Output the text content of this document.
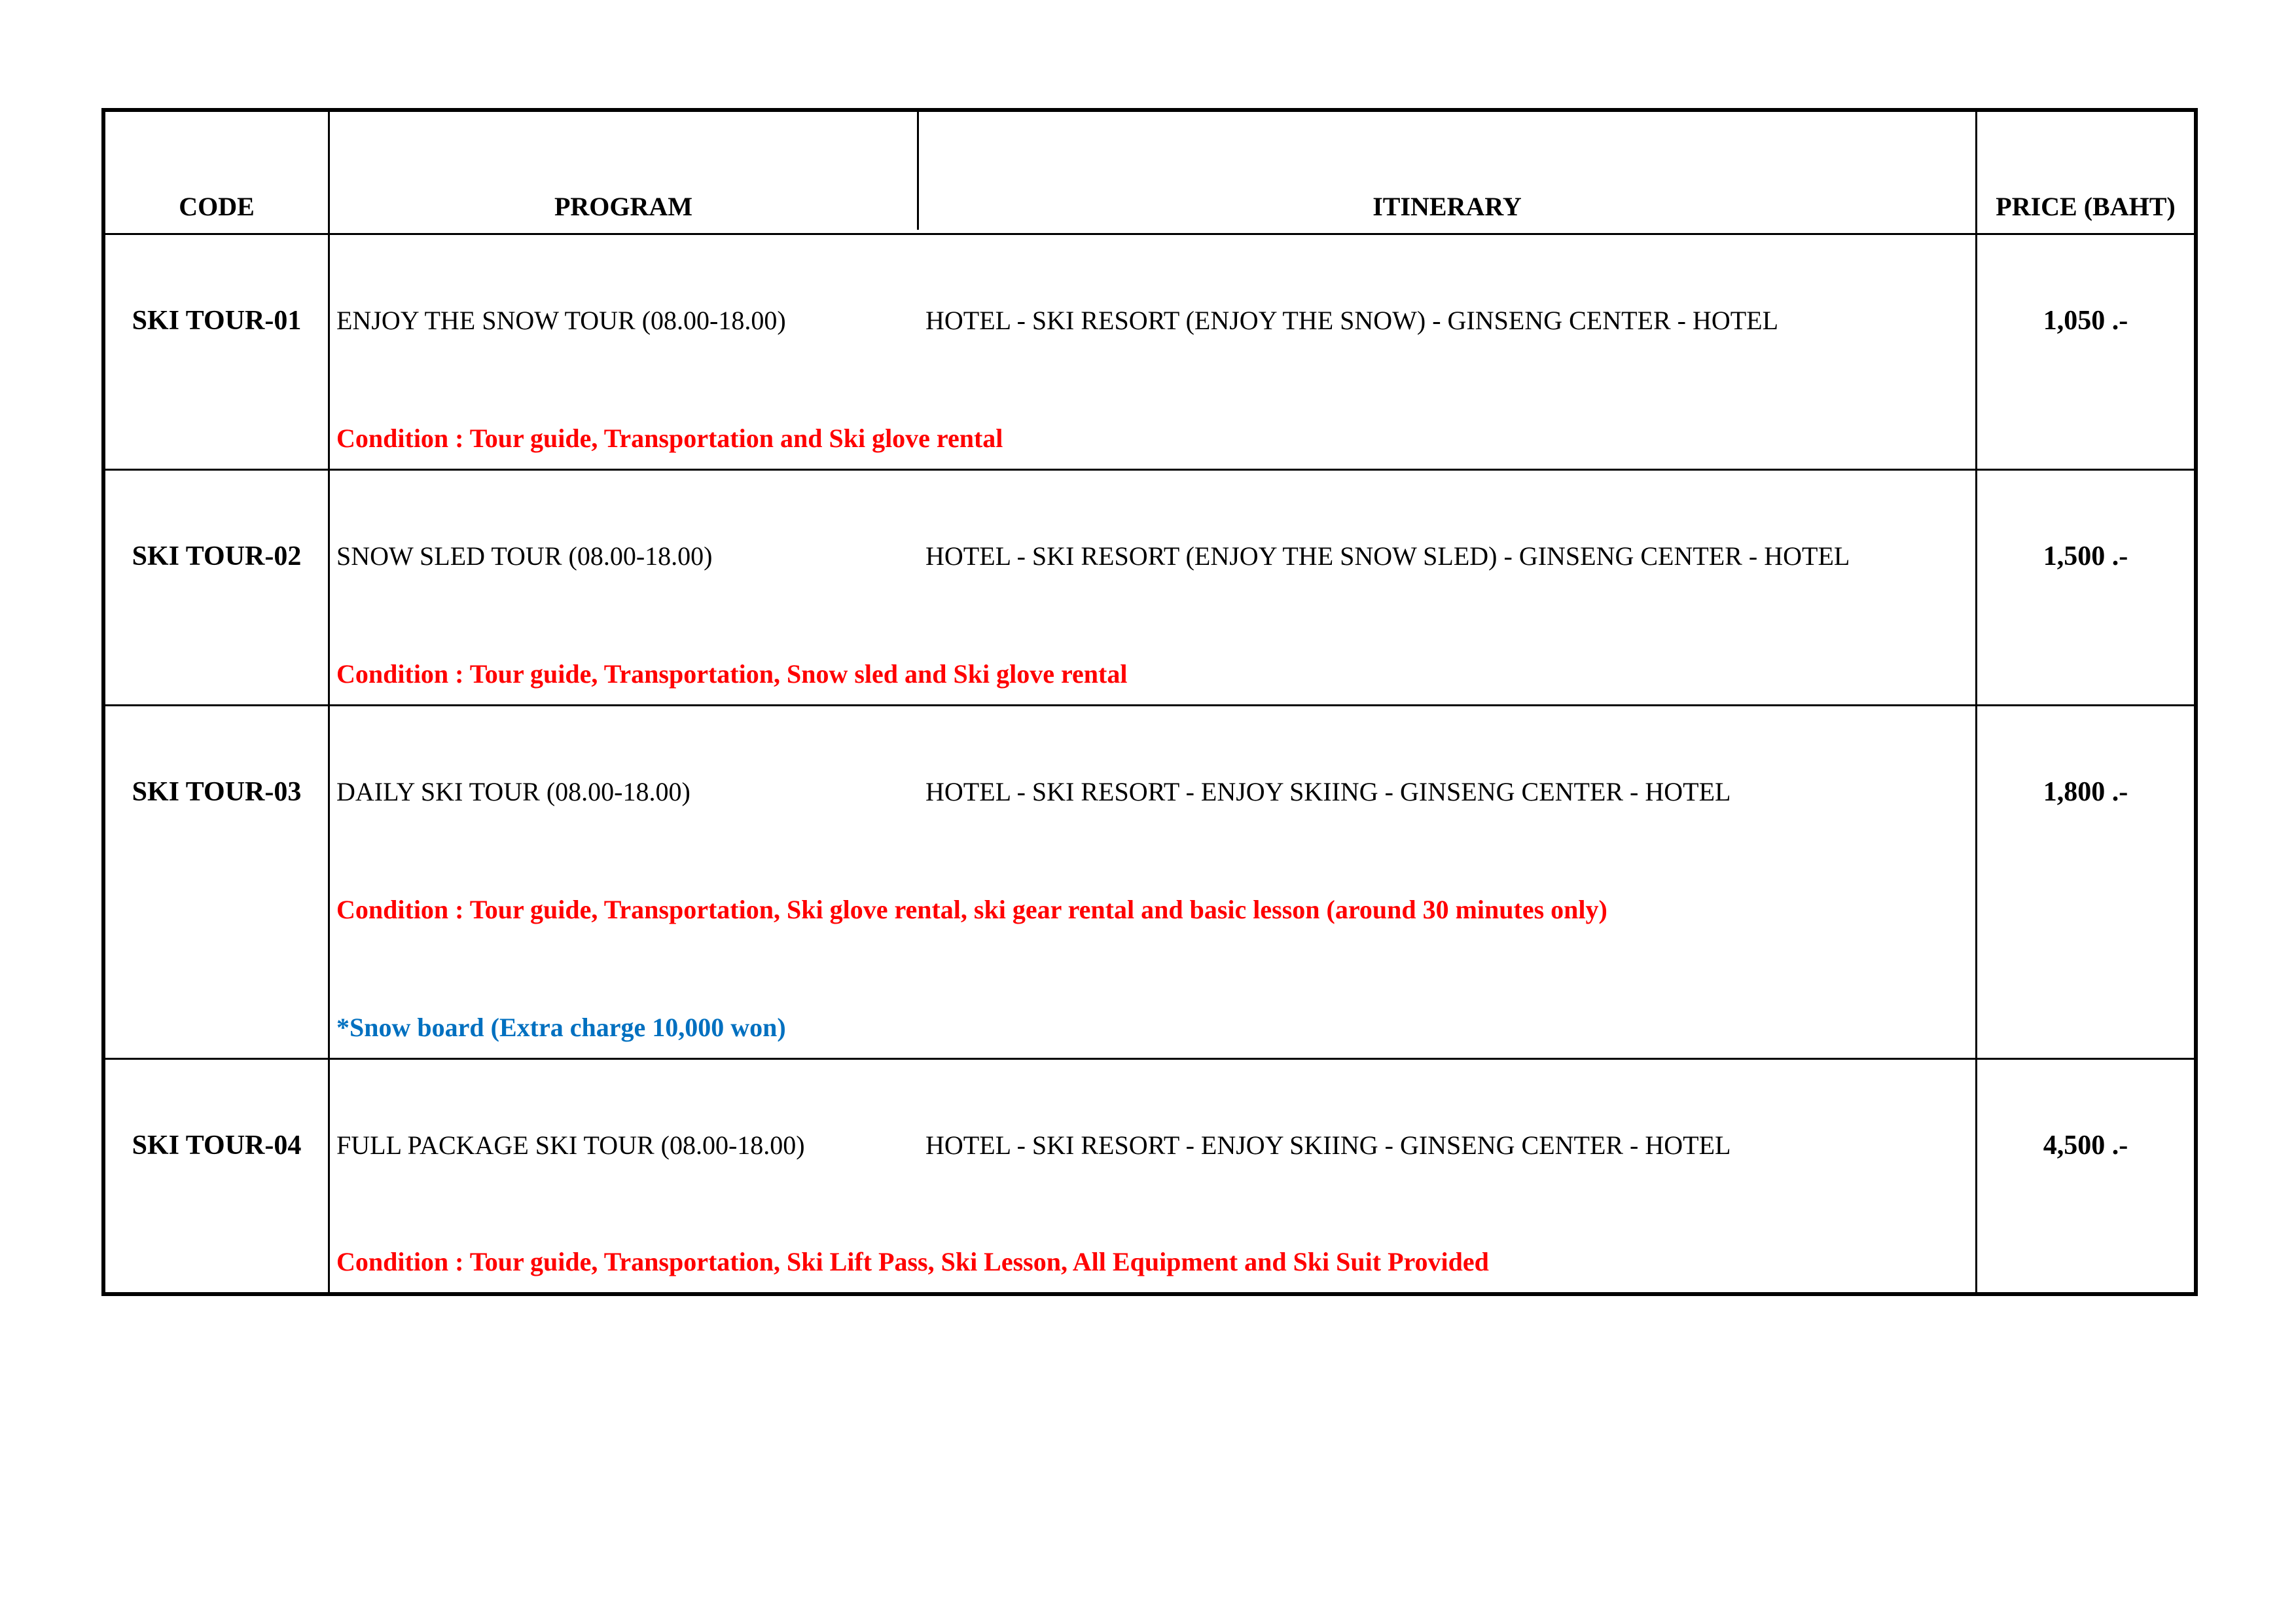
CODE	PROGRAM	ITINERARY	PRICE (BAHT)
SKI TOUR-01	ENJOY THE SNOW TOUR (08.00-18.00)	HOTEL - SKI RESORT (ENJOY THE SNOW) - GINSENG CENTER - HOTEL	1,050 .-
Condition : Tour guide, Transportation and Ski glove rental
SKI TOUR-02	SNOW SLED TOUR (08.00-18.00)	HOTEL - SKI RESORT (ENJOY THE SNOW SLED) - GINSENG CENTER - HOTEL	1,500 .-
Condition : Tour guide, Transportation, Snow sled and Ski glove rental
SKI TOUR-03	DAILY SKI TOUR (08.00-18.00)	HOTEL - SKI RESORT - ENJOY SKIING - GINSENG CENTER - HOTEL	1,800 .-
Condition : Tour guide, Transportation, Ski glove rental, ski gear rental and basic lesson (around 30 minutes only)
*Snow board (Extra charge 10,000 won)
SKI TOUR-04	FULL PACKAGE SKI TOUR (08.00-18.00)	HOTEL - SKI RESORT - ENJOY SKIING - GINSENG CENTER - HOTEL	4,500 .-
Condition : Tour guide, Transportation, Ski Lift Pass, Ski Lesson, All Equipment and Ski Suit Provided
